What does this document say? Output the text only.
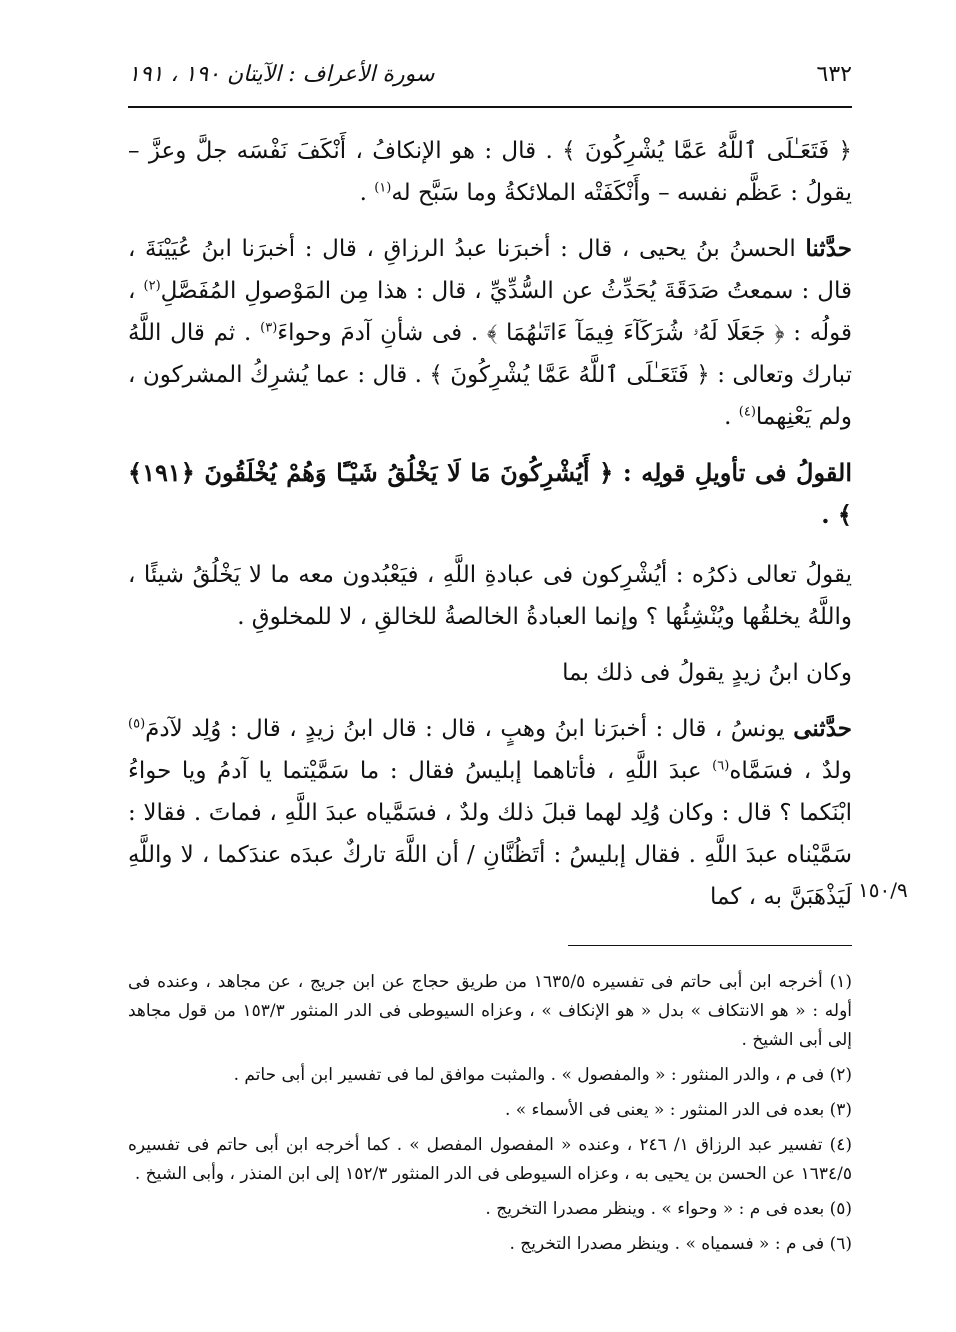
٦٣٢
سورة الأعراف : الآيتان ١٩٠ ، ١٩١

﴿ فَتَعَـٰلَى ٱللَّهُ عَمَّا يُشْرِكُونَ ﴾ . قال : هو الإنكافُ ، أَنْكَفَ نَفْسَه جلَّ وعزَّ – يقولُ : عَظَّم نفسه – وأَنْكَفَتْه الملائكةُ وما سَبَّح له$^{(١)}$ .

حدَّثنا الحسنُ بنُ يحيى ، قال : أخبرَنا عبدُ الرزاقِ ، قال : أخبرَنا ابنُ عُيَيْنَةَ ، قال : سمعتُ صَدَقَةَ يُحَدِّثُ عن السُّدِّيِّ ، قال : هذا مِن المَوْصولِ المُفَصَّلِ$^{(٢)}$ ، قولُه : ﴿ جَعَلَا لَهُۥ شُرَكَآءَ فِيمَآ ءَاتَىٰهُمَا ﴾ . فى شأنِ آدمَ وحواءَ$^{(٣)}$ . ثم قال اللَّهُ تبارك وتعالى : ﴿ فَتَعَـٰلَى ٱللَّهُ عَمَّا يُشْرِكُونَ ﴾ . قال : عما يُشرِكُ المشركون ، ولم يَعْنِهما$^{(٤)}$ .

القولُ فى تأويلِ قولِه : ﴿ أَيُشْرِكُونَ مَا لَا يَخْلُقُ شَيْـًٔا وَهُمْ يُخْلَقُونَ ﴿١٩١﴾ ﴾ .

يقولُ تعالى ذكرُه : أيُشْرِكون فى عبادةِ اللَّهِ ، فيَعْبُدون معه ما لا يَخْلُقُ شيئًا ، واللَّهُ يخلقُها ويُنْشِئُها ؟ وإنما العبادةُ الخالصةُ للخالقِ ، لا للمخلوقِ .

وكان ابنُ زيدٍ يقولُ فى ذلك بما

حدَّثنى يونسُ ، قال : أخبرَنا ابنُ وهبٍ ، قال : قال ابنُ زيدٍ ، قال : وُلِد لآدمَ$^{(٥)}$ ولدٌ ، فسَمَّاه$^{(٦)}$ عبدَ اللَّهِ ، فأتاهما إبليسُ فقال : ما سَمَّيْتما يا آدمُ ويا حواءُ ابْنَكما ؟ قال : وكان وُلِد لهما قبلَ ذلك ولدٌ ، فسَمَّياه عبدَ اللَّهِ ، فماتَ . فقالا : سَمَّيْناه عبدَ اللَّهِ . فقال إبليسُ : أتَظُنَّانِ / أن اللَّهَ تاركٌ عبدَه عندَكما ، لا واللَّهِ لَيَذْهَبَنَّ به ، كما ١٥٠/٩

(١) أخرجه ابن أبى حاتم فى تفسيره ١٦٣٥/٥ من طريق حجاج عن ابن جريج ، عن مجاهد ، وعنده فى أوله : « هو الانتكاف » بدل « هو الإنكاف » ، وعزاه السيوطى فى الدر المنثور ١٥٣/٣ من قول مجاهد إلى أبى الشيخ .

(٢) فى م ، والدر المنثور : « والمفصول » . والمثبت موافق لما فى تفسير ابن أبى حاتم .

(٣) بعده فى الدر المنثور : « يعنى فى الأسماء » .

(٤) تفسير عبد الرزاق ١/ ٢٤٦ ، وعنده « المفصول المفصل » . كما أخرجه ابن أبى حاتم فى تفسيره ١٦٣٤/٥ عن الحسن بن يحيى به ، وعزاه السيوطى فى الدر المنثور ١٥٢/٣ إلى ابن المنذر ، وأبى الشيخ .

(٥) بعده فى م : « وحواء » . وينظر مصدرا التخريج .

(٦) فى م : « فسمياه » . وينظر مصدرا التخريج .
